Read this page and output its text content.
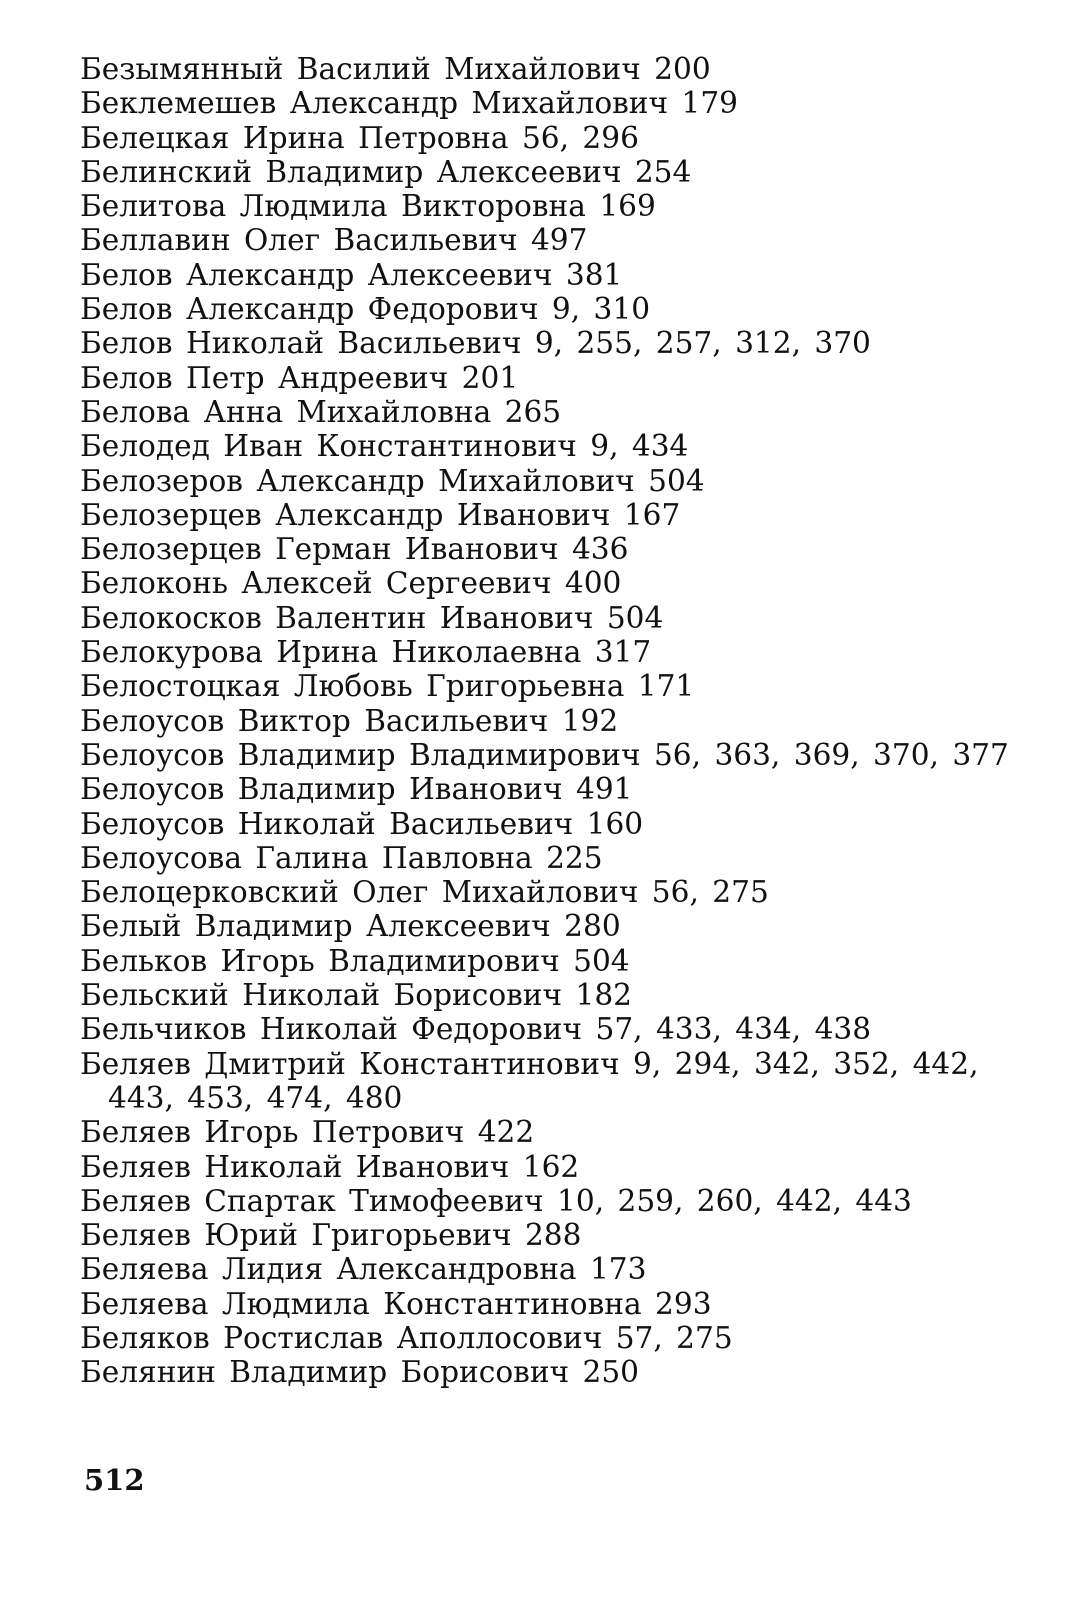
Безымянный Василий Михайлович 200
Беклемешев Александр Михайлович 179
Белецкая Ирина Петровна 56, 296
Белинский Владимир Алексеевич 254
Белитова Людмила Викторовна 169
Беллавин Олег Васильевич 497
Белов Александр Алексеевич 381
Белов Александр Федорович 9, 310
Белов Николай Васильевич 9, 255, 257, 312, 370
Белов Петр Андреевич 201
Белова Анна Михайловна 265
Белодед Иван Константинович 9, 434
Белозеров Александр Михайлович 504
Белозерцев Александр Иванович 167
Белозерцев Герман Иванович 436
Белоконь Алексей Сергеевич 400
Белокосков Валентин Иванович 504
Белокурова Ирина Николаевна 317
Белостоцкая Любовь Григорьевна 171
Белоусов Виктор Васильевич 192
Белоусов Владимир Владимирович 56, 363, 369, 370, 377
Белоусов Владимир Иванович 491
Белоусов Николай Васильевич 160
Белоусова Галина Павловна 225
Белоцерковский Олег Михайлович 56, 275
Белый Владимир Алексеевич 280
Бельков Игорь Владимирович 504
Бельский Николай Борисович 182
Бельчиков Николай Федорович 57, 433, 434, 438
Беляев Дмитрий Константинович 9, 294, 342, 352, 442, 443, 453, 474, 480
Беляев Игорь Петрович 422
Беляев Николай Иванович 162
Беляев Спартак Тимофеевич 10, 259, 260, 442, 443
Беляев Юрий Григорьевич 288
Беляева Лидия Александровна 173
Беляева Людмила Константиновна 293
Беляков Ростислав Аполлосович 57, 275
Белянин Владимир Борисович 250
512
